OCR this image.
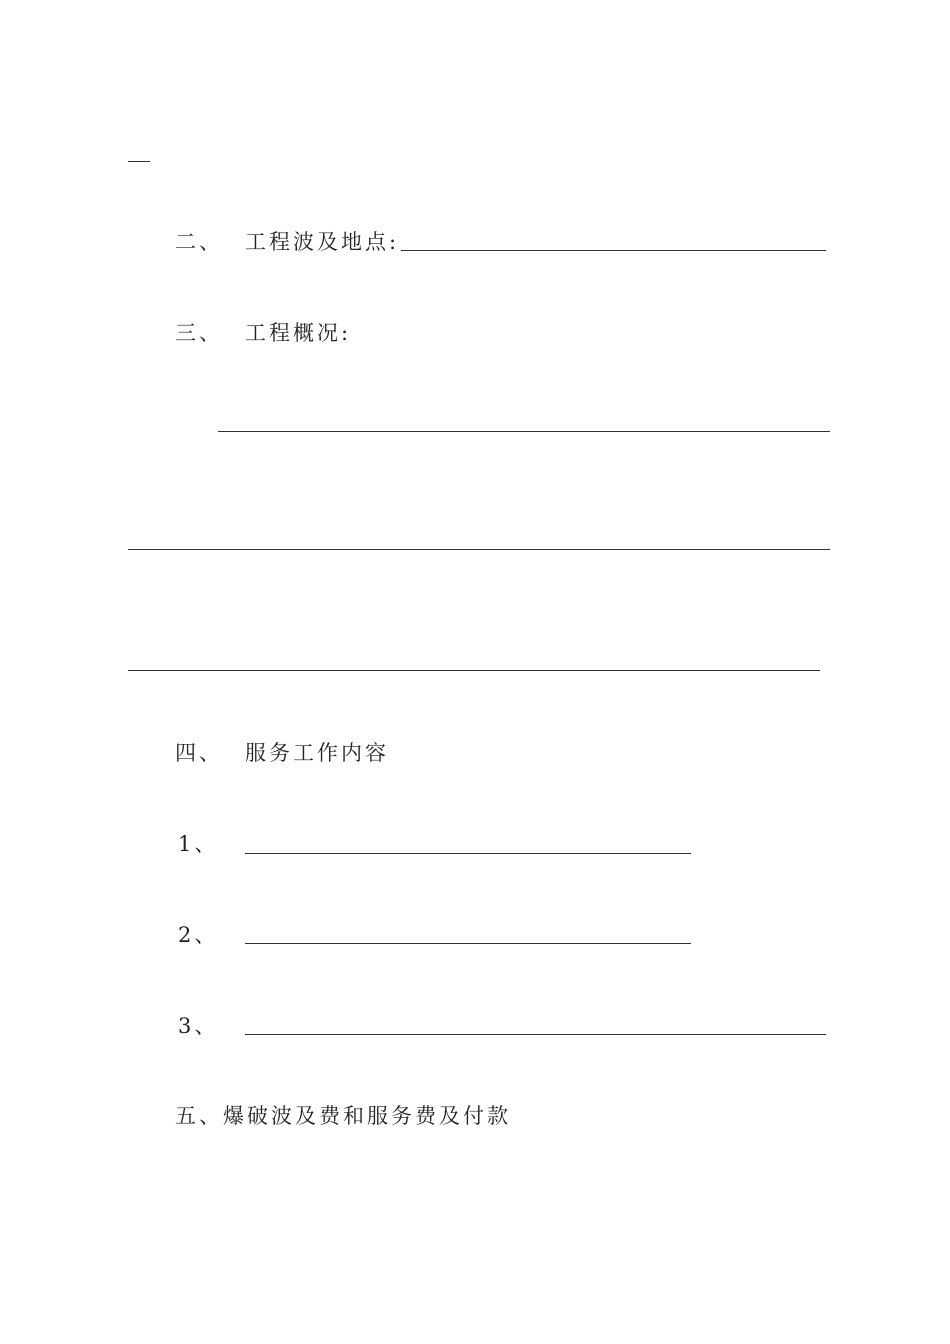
二、 工程波及地点:
三、 工程概况:
四、 服务工作内容
1、
2、
3、
五、爆破波及费和服务费及付款
